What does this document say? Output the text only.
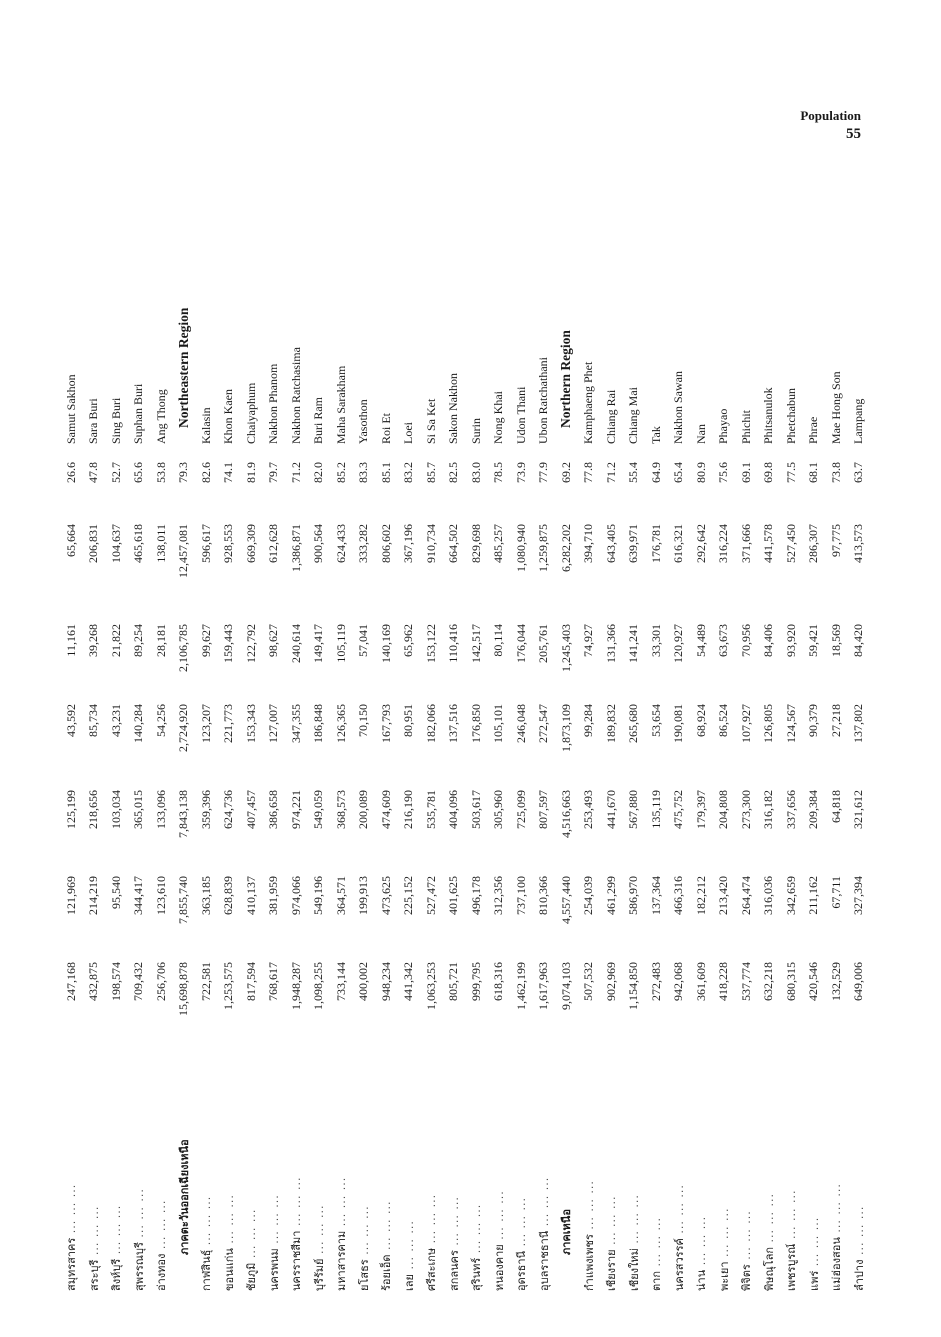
Population
55
สมุทรสาคร ... ... ...	247,168	121,969	125,199	43,592	11,161	65,664	26.6	Samut Sakhon
สระบุรี ... ... ...	432,875	214,219	218,656	85,734	39,268	206,831	47.8	Sara Buri
สิงห์บุรี ... ... ...	198,574	95,540	103,034	43,231	21,822	104,637	52.7	Sing Buri
สุพรรณบุรี ... ... ...	709,432	344,417	365,015	140,284	89,254	465,618	65.6	Suphan Buri
อ่างทอง ... ... ...	256,706	123,610	133,096	54,256	28,181	138,011	53.8	Ang Thong
ภาคตะวันออกเฉียงเหนือ	15,698,878	7,855,740	7,843,138	2,724,920	2,106,785	12,457,081	79.3	Northeastern Region
กาฬสินธุ์ ... ... ...	722,581	363,185	359,396	123,207	99,627	596,617	82.6	Kalasin
ขอนแก่น ... ... ...	1,253,575	628,839	624,736	221,773	159,443	928,553	74.1	Khon Kaen
ชัยภูมิ ... ... ...	817,594	410,137	407,457	153,343	122,792	669,309	81.9	Chaiyaphum
นครพนม ... ... ...	768,617	381,959	386,658	127,007	98,627	612,628	79.7	Nakhon Phanom
นครราชสีมา ... ... ...	1,948,287	974,066	974,221	347,355	240,614	1,386,871	71.2	Nakhon Ratchasima
บุรีรัมย์ ... ... ...	1,098,255	549,196	549,059	186,848	149,417	900,564	82.0	Buri Ram
มหาสารคาม ... ... ...	733,144	364,571	368,573	126,365	105,119	624,433	85.2	Maha Sarakham
ยโสธร ... ... ...	400,002	199,913	200,089	70,150	57,041	333,282	83.3	Yasothon
ร้อยเอ็ด ... ... ...	948,234	473,625	474,609	167,793	140,169	806,602	85.1	Roi Et
เลย ... ... ...	441,342	225,152	216,190	80,951	65,962	367,196	83.2	Loei
ศรีสะเกษ ... ... ...	1,063,253	527,472	535,781	182,066	153,122	910,734	85.7	Si Sa Ket
สกลนคร ... ... ...	805,721	401,625	404,096	137,516	110,416	664,502	82.5	Sakon Nakhon
สุรินทร์ ... ... ...	999,795	496,178	503,617	176,850	142,517	829,698	83.0	Surin
หนองคาย ... ... ...	618,316	312,356	305,960	105,101	80,114	485,257	78.5	Nong Khai
อุดรธานี ... ... ...	1,462,199	737,100	725,099	246,048	176,044	1,080,940	73.9	Udon Thani
อุบลราชธานี ... ... ...	1,617,963	810,366	807,597	272,547	205,761	1,259,875	77.9	Ubon Ratchathani
ภาคเหนือ	9,074,103	4,557,440	4,516,663	1,873,109	1,245,403	6,282,202	69.2	Northern Region
กำแพงเพชร ... ... ...	507,532	254,039	253,493	99,284	74,927	394,710	77.8	Kamphaeng Phet
เชียงราย ... ... ...	902,969	461,299	441,670	189,832	131,366	643,405	71.2	Chiang Rai
เชียงใหม่ ... ... ...	1,154,850	586,970	567,880	265,680	141,241	639,971	55.4	Chiang Mai
ตาก ... ... ...	272,483	137,364	135,119	53,654	33,301	176,781	64.9	Tak
นครสวรรค์ ... ... ...	942,068	466,316	475,752	190,081	120,927	616,321	65.4	Nakhon Sawan
น่าน ... ... ...	361,609	182,212	179,397	68,924	54,489	292,642	80.9	Nan
พะเยา ... ... ...	418,228	213,420	204,808	86,524	63,673	316,224	75.6	Phayao
พิจิตร ... ... ...	537,774	264,474	273,300	107,927	70,956	371,666	69.1	Phichit
พิษณุโลก ... ... ...	632,218	316,036	316,182	126,805	84,406	441,578	69.8	Phitsanulok
เพชรบูรณ์ ... ... ...	680,315	342,659	337,656	124,567	93,920	527,450	77.5	Phetchabun
แพร่ ... ... ...	420,546	211,162	209,384	90,379	59,421	286,307	68.1	Phrae
แม่ฮ่องสอน ... ... ...	132,529	67,711	64,818	27,218	18,569	97,775	73.8	Mae Hong Son
ลำปาง ... ... ...	649,006	327,394	321,612	137,802	84,420	413,573	63.7	Lampang
